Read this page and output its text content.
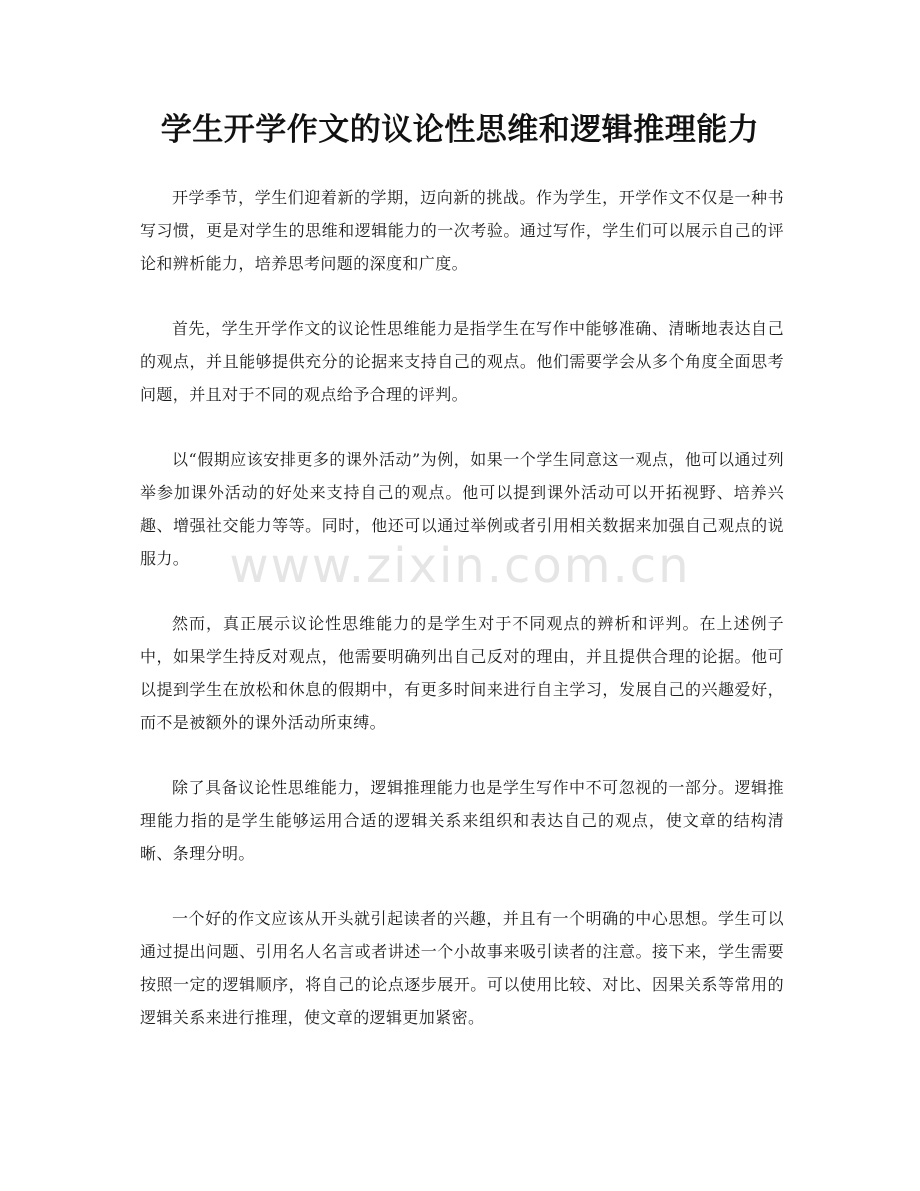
学生开学作文的议论性思维和逻辑推理能力

开学季节，学生们迎着新的学期，迈向新的挑战。作为学生，开学作文不仅是一种书写习惯，更是对学生的思维和逻辑能力的一次考验。通过写作，学生们可以展示自己的评论和辨析能力，培养思考问题的深度和广度。

首先，学生开学作文的议论性思维能力是指学生在写作中能够准确、清晰地表达自己的观点，并且能够提供充分的论据来支持自己的观点。他们需要学会从多个角度全面思考问题，并且对于不同的观点给予合理的评判。

以“假期应该安排更多的课外活动”为例，如果一个学生同意这一观点，他可以通过列举参加课外活动的好处来支持自己的观点。他可以提到课外活动可以开拓视野、培养兴趣、增强社交能力等等。同时，他还可以通过举例或者引用相关数据来加强自己观点的说服力。

然而，真正展示议论性思维能力的是学生对于不同观点的辨析和评判。在上述例子中，如果学生持反对观点，他需要明确列出自己反对的理由，并且提供合理的论据。他可以提到学生在放松和休息的假期中，有更多时间来进行自主学习，发展自己的兴趣爱好，而不是被额外的课外活动所束缚。

除了具备议论性思维能力，逻辑推理能力也是学生写作中不可忽视的一部分。逻辑推理能力指的是学生能够运用合适的逻辑关系来组织和表达自己的观点，使文章的结构清晰、条理分明。

一个好的作文应该从开头就引起读者的兴趣，并且有一个明确的中心思想。学生可以通过提出问题、引用名人名言或者讲述一个小故事来吸引读者的注意。接下来，学生需要按照一定的逻辑顺序，将自己的论点逐步展开。可以使用比较、对比、因果关系等常用的逻辑关系来进行推理，使文章的逻辑更加紧密。

www.zixin.com.cn
